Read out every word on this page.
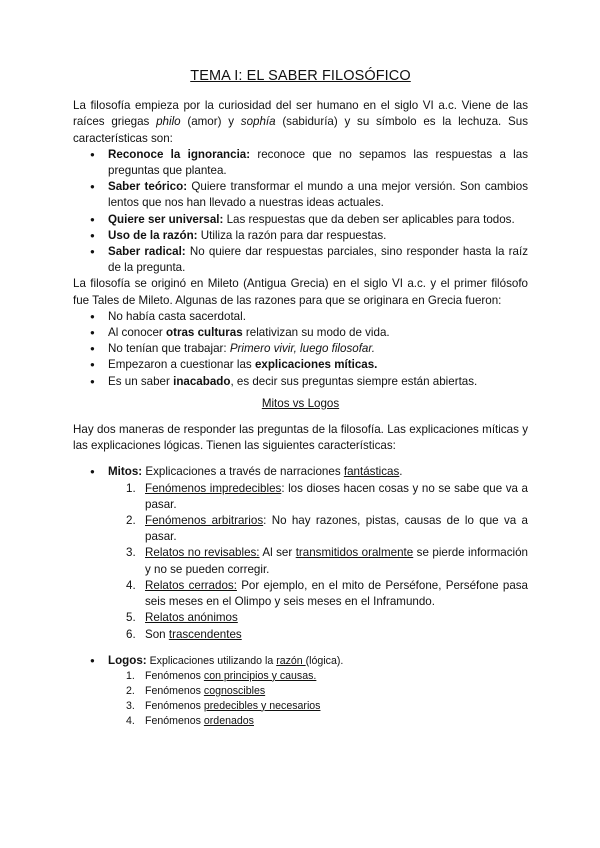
TEMA I: EL SABER FILOSÓFICO

La filosofía empieza por la curiosidad del ser humano en el siglo VI a.c. Viene de las raíces griegas philo (amor) y sophía (sabiduría) y su símbolo es la lechuza. Sus características son:

● Reconoce la ignorancia: reconoce que no sepamos las respuestas a las preguntas que plantea.
● Saber teórico: Quiere transformar el mundo a una mejor versión. Son cambios lentos que nos han llevado a nuestras ideas actuales.
● Quiere ser universal: Las respuestas que da deben ser aplicables para todos.
● Uso de la razón: Utiliza la razón para dar respuestas.
● Saber radical: No quiere dar respuestas parciales, sino responder hasta la raíz de la pregunta.

La filosofía se originó en Mileto (Antigua Grecia) en el siglo VI a.c. y el primer filósofo fue Tales de Mileto. Algunas de las razones para que se originara en Grecia fueron:

● No había casta sacerdotal.
● Al conocer otras culturas relativizan su modo de vida.
● No tenían que trabajar: Primero vivir, luego filosofar.
● Empezaron a cuestionar las explicaciones míticas.
● Es un saber inacabado, es decir sus preguntas siempre están abiertas.

Mitos vs Logos

Hay dos maneras de responder las preguntas de la filosofía. Las explicaciones míticas y las explicaciones lógicas. Tienen las siguientes características:

● Mitos: Explicaciones a través de narraciones fantásticas.
1. Fenómenos impredecibles: los dioses hacen cosas y no se sabe que va a pasar.
2. Fenómenos arbitrarios: No hay razones, pistas, causas de lo que va a pasar.
3. Relatos no revisables: Al ser transmitidos oralmente se pierde información y no se pueden corregir.
4. Relatos cerrados: Por ejemplo, en el mito de Perséfone, Perséfone pasa seis meses en el Olimpo y seis meses en el Inframundo.
5. Relatos anónimos
6. Son trascendentes
● Logos: Explicaciones utilizando la razón (lógica).
1. Fenómenos con principios y causas.
2. Fenómenos cognoscibles
3. Fenómenos predecibles y necesarios
4. Fenómenos ordenados
